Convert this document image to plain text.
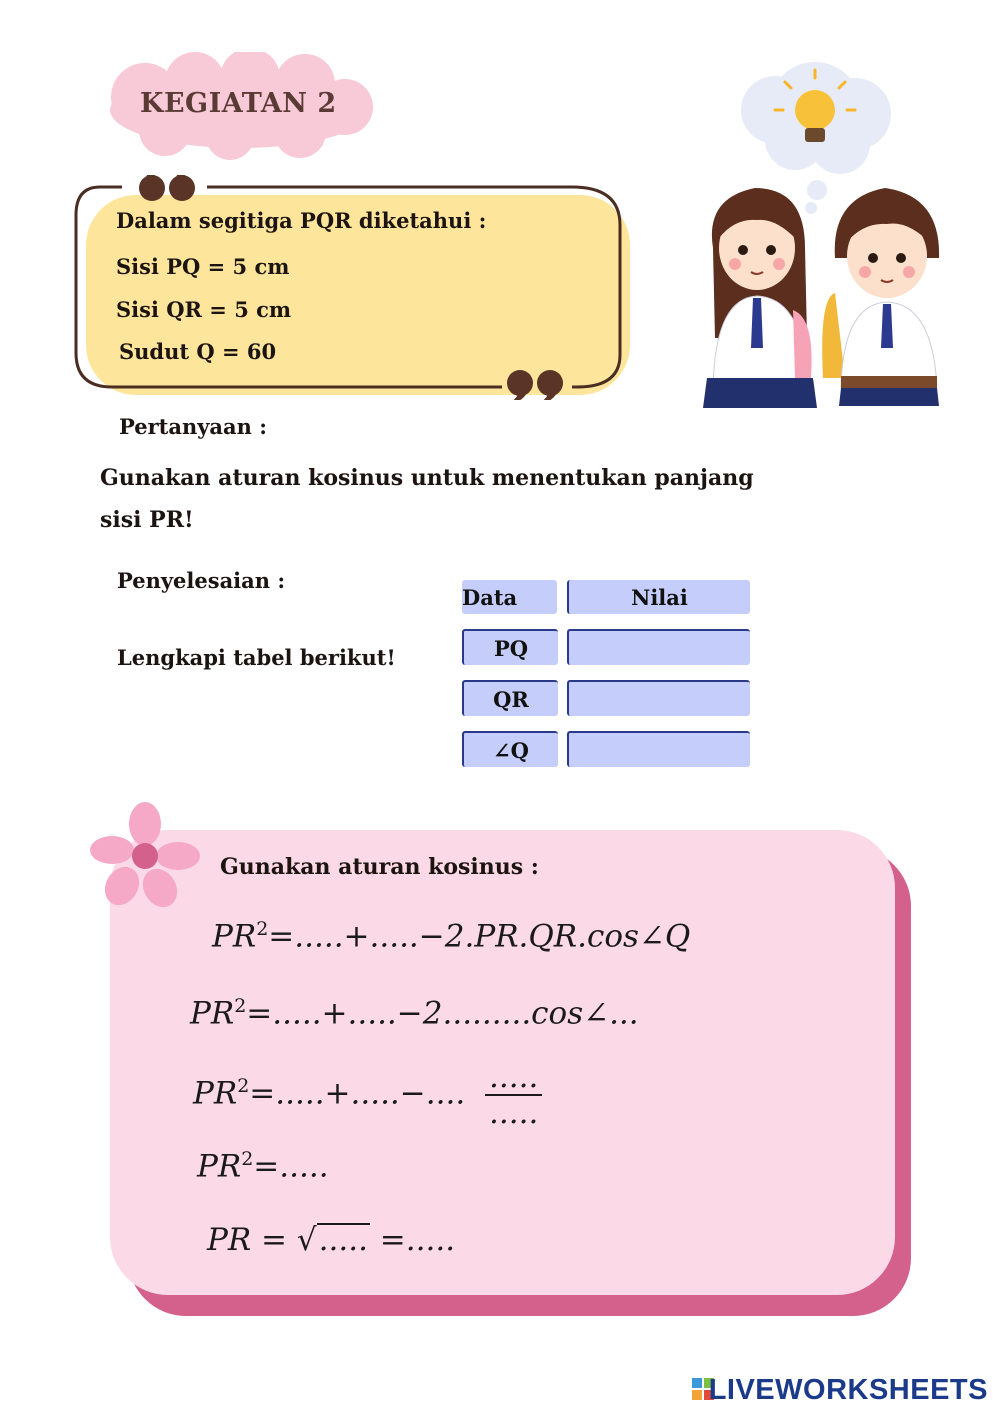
KEGIATAN 2
Dalam segitiga PQR diketahui :
Sisi PQ = 5 cm
Sisi QR = 5 cm
Sudut Q = 60
Pertanyaan :
Gunakan aturan kosinus untuk menentukan panjang
sisi PR!
Penyelesaian :
Lengkapi tabel berikut!
Data	Nilai
PQ
QR
∠Q
Gunakan aturan kosinus :
$PR^2=.....+.....-2.PR.QR.\cos\angle Q$
$PR^2=.....+.....-2.........\cos\angle$...
$PR^2=.....+.....-$.... $\frac{.....}{.....}$
$PR^2=$.....
PR = √..... =.....
LIVEWORKSHEETS
